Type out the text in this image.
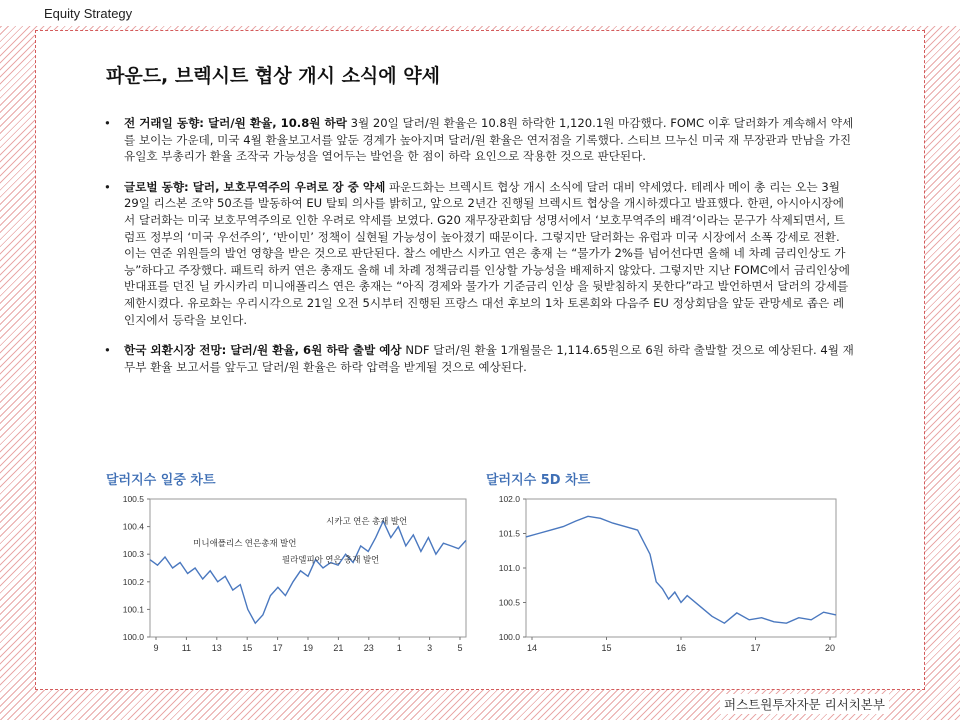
Equity Strategy
파운드, 브렉시트 협상 개시 소식에 약세
• 전 거래일 동향: 달러/원 환율, 10.8원 하락 3월 20일 달러/원 환율은 10.8원 하락한 1,120.1원 마감했다. FOMC 이후 달러화가 계속해서 약세를 보이는 가운데, 미국 4월 환율보고서를 앞둔 경계가 높아지며 달러/원 환율은 연저점을 기록했다. 스티브 므누신 미국 재 무장관과 만남을 가진 유일호 부총리가 환율 조작국 가능성을 열어두는 발언을 한 점이 하락 요인으로 작용한 것으로 판단된다.
• 글로벌 동향: 달러, 보호무역주의 우려로 장 중 약세 파운드화는 브렉시트 협상 개시 소식에 달러 대비 약세였다. 테레사 메이 총 리는 오는 3월 29일 리스본 조약 50조를 발동하여 EU 탈퇴 의사를 밝히고, 앞으로 2년간 진행될 브렉시트 협상을 개시하겠다고 발표했다. 한편, 아시아시장에서 달러화는 미국 보호무역주의로 인한 우려로 약세를 보였다. G20 재무장관회담 성명서에서 ‘보호무역주의 배격’이라는 문구가 삭제되면서, 트럼프 정부의 ‘미국 우선주의’, ‘반이민’ 정책이 실현될 가능성이 높아졌기 때문이다. 그렇지만 달러화는 유럽과 미국 시장에서 소폭 강세로 전환. 이는 연준 위원들의 발언 영향을 받은 것으로 판단된다. 찰스 에반스 시카고 연은 총재 는 “물가가 2%를 넘어선다면 올해 네 차례 금리인상도 가능”하다고 주장했다. 패트릭 하커 연은 총재도 올해 네 차례 정책금리를 인상할 가능성을 배제하지 않았다. 그렇지만 지난 FOMC에서 금리인상에 반대표를 던진 닐 카시카리 미니애폴리스 연은 총재는 “아직 경제와 물가가 기준금리 인상 을 뒷받침하지 못한다”라고 발언하면서 달러의 강세를 제한시켰다. 유로화는 우리시각으로 21일 오전 5시부터 진행된 프랑스 대선 후보의 1차 토론회와 다음주 EU 정상회담을 앞둔 관망세로 좁은 레인지에서 등락을 보인다.
• 한국 외환시장 전망: 달러/원 환율, 6원 하락 출발 예상 NDF 달러/원 환율 1개월물은 1,114.65원으로 6원 하락 출발할 것으로 예상된다. 4월 재무부 환율 보고서를 앞두고 달러/원 환율은 하락 압력을 받게될 것으로 예상된다.
달러지수 일중 차트
100.5
100.4
100.3
100.2
100.1
100.0
9	11 13 15 17 19 21 23	1	3	5
미니애폴리스 연은총재 발언
시카고 연은 총재 발언
필라델피아 연은 총재 발언
달러지수 5D 차트
102.0
101.5
101.0
100.5
100.0
14	15	16	17	20
퍼스트원투자자문 리서치본부
